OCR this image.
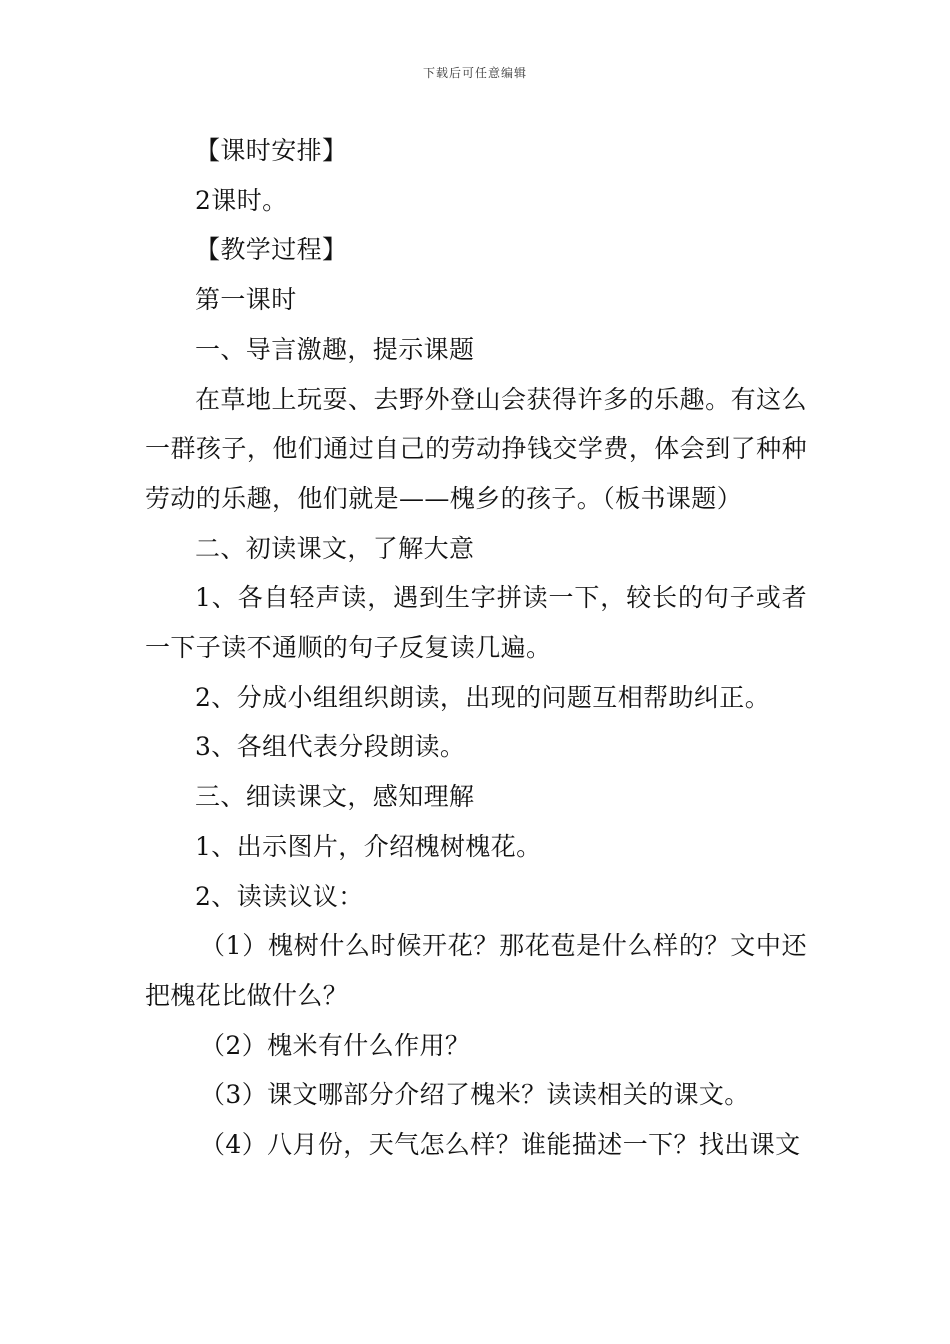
下载后可任意编辑

【课时安排】

2课时。

【教学过程】

第一课时

一、导言激趣，提示课题

在草地上玩耍、去野外登山会获得许多的乐趣。有这么一群孩子，他们通过自己的劳动挣钱交学费，体会到了种种劳动的乐趣，他们就是——槐乡的孩子。（板书课题）

二、初读课文，了解大意

1、各自轻声读，遇到生字拼读一下，较长的句子或者一下子读不通顺的句子反复读几遍。

2、分成小组组织朗读，出现的问题互相帮助纠正。

3、各组代表分段朗读。

三、细读课文，感知理解

1、出示图片，介绍槐树槐花。

2、读读议议：

（1）槐树什么时候开花？那花苞是什么样的？文中还把槐花比做什么？

（2）槐米有什么作用？

（3）课文哪部分介绍了槐米？读读相关的课文。

（4）八月份，天气怎么样？谁能描述一下？找出课文
